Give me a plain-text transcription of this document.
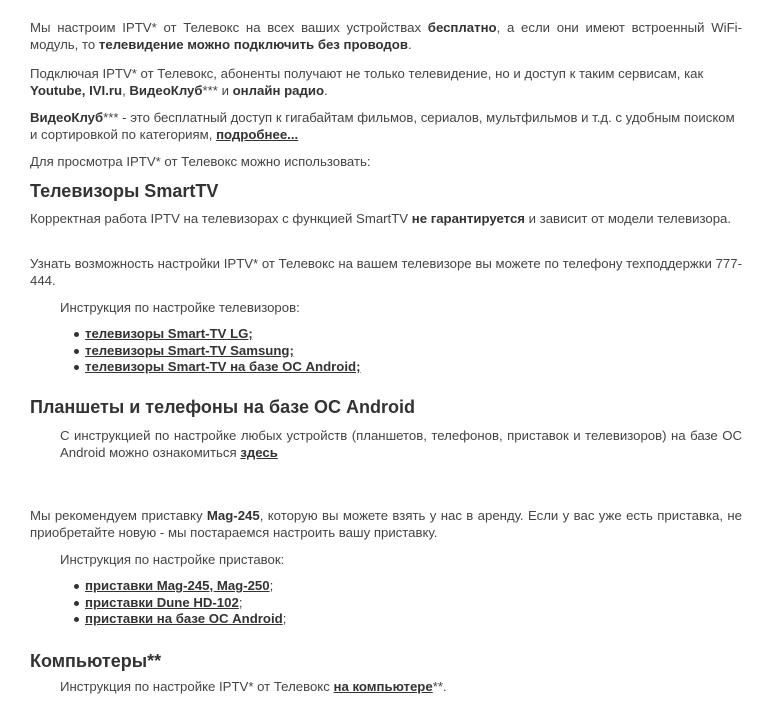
Мы настроим IPTV* от Телевокс на всех ваших устройствах бесплатно, а если они имеют встроенный WiFi-модуль, то телевидение можно подключить без проводов.

Подключая IPTV* от Телевокс, абоненты получают не только телевидение, но и доступ к таким сервисам, как Youtube, IVI.ru, ВидеоКлуб*** и онлайн радио.

ВидеоКлуб*** - это бесплатный доступ к гигабайтам фильмов, сериалов, мультфильмов и т.д. с удобным поиском и сортировкой по категориям, подробнее...

Для просмотра IPTV* от Телевокс можно использовать:

Телевизоры SmartTV

Корректная работа IPTV на телевизорах с функцией SmartTV не гарантируется и зависит от модели телевизора.

Узнать возможность настройки IPTV* от Телевокс на вашем телевизоре вы можете по телефону техподдержки 777-444.

Инструкция по настройке телевизоров:

телевизоры Smart-TV LG;
телевизоры Smart-TV Samsung;
телевизоры Smart-TV на базе ОС Android;
Планшеты и телефоны на базе ОС Android

С инструкцией по настройке любых устройств (планшетов, телефонов, приставок и телевизоров) на базе ОС Android можно ознакомиться здесь

Мы рекомендуем приставку Mag-245, которую вы можете взять у нас в аренду. Если у вас уже есть приставка, не приобретайте новую - мы постараемся настроить вашу приставку.

Инструкция по настройке приставок:

приставки Mag-245, Mag-250;
приставки Dune HD-102;
приставки на базе ОС Android;
Компьютеры**

Инструкция по настройке IPTV* от Телевокс на компьютере**.
